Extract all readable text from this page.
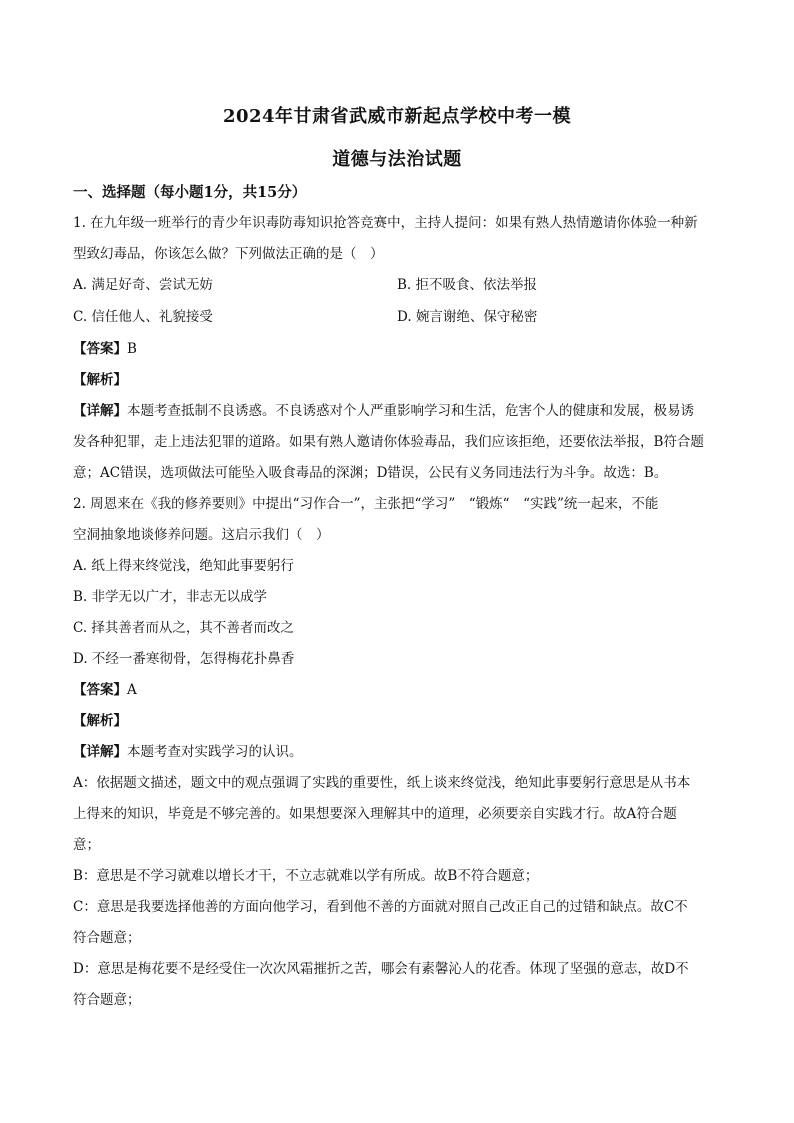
2024年甘肃省武威市新起点学校中考一模
道德与法治试题
一、选择题（每小题1分，共15分）
1. 在九年级一班举行的青少年识毒防毒知识抢答竞赛中，主持人提问：如果有熟人热情邀请你体验一种新
型致幻毒品，你该怎么做？下列做法正确的是（　）
A. 满足好奇、尝试无妨	B. 拒不吸食、依法举报
C. 信任他人、礼貌接受	D. 婉言谢绝、保守秘密
【答案】B
【解析】
【详解】本题考查抵制不良诱惑。不良诱惑对个人严重影响学习和生活，危害个人的健康和发展，极易诱
发各种犯罪，走上违法犯罪的道路。如果有熟人邀请你体验毒品，我们应该拒绝，还要依法举报，B符合题
意；AC错误，选项做法可能坠入吸食毒品的深渊；D错误，公民有义务同违法行为斗争。故选：B。
2. 周恩来在《我的修养要则》中提出“习作合一”，主张把“学习”　“锻炼“　“实践”统一起来，不能
空洞抽象地谈修养问题。这启示我们（　）
A. 纸上得来终觉浅，绝知此事要躬行
B. 非学无以广才，非志无以成学
C. 择其善者而从之，其不善者而改之
D. 不经一番寒彻骨，怎得梅花扑鼻香
【答案】A
【解析】
【详解】本题考查对实践学习的认识。
A：依据题文描述，题文中的观点强调了实践的重要性，纸上谈来终觉浅，绝知此事要躬行意思是从书本
上得来的知识，毕竟是不够完善的。如果想要深入理解其中的道理，必须要亲自实践才行。故A符合题
意；
B：意思是不学习就难以增长才干，不立志就难以学有所成。故B不符合题意；
C：意思是我要选择他善的方面向他学习，看到他不善的方面就对照自己改正自己的过错和缺点。故C不
符合题意；
D：意思是梅花要不是经受住一次次风霜摧折之苦，哪会有素馨沁人的花香。体现了坚强的意志，故D不
符合题意；
